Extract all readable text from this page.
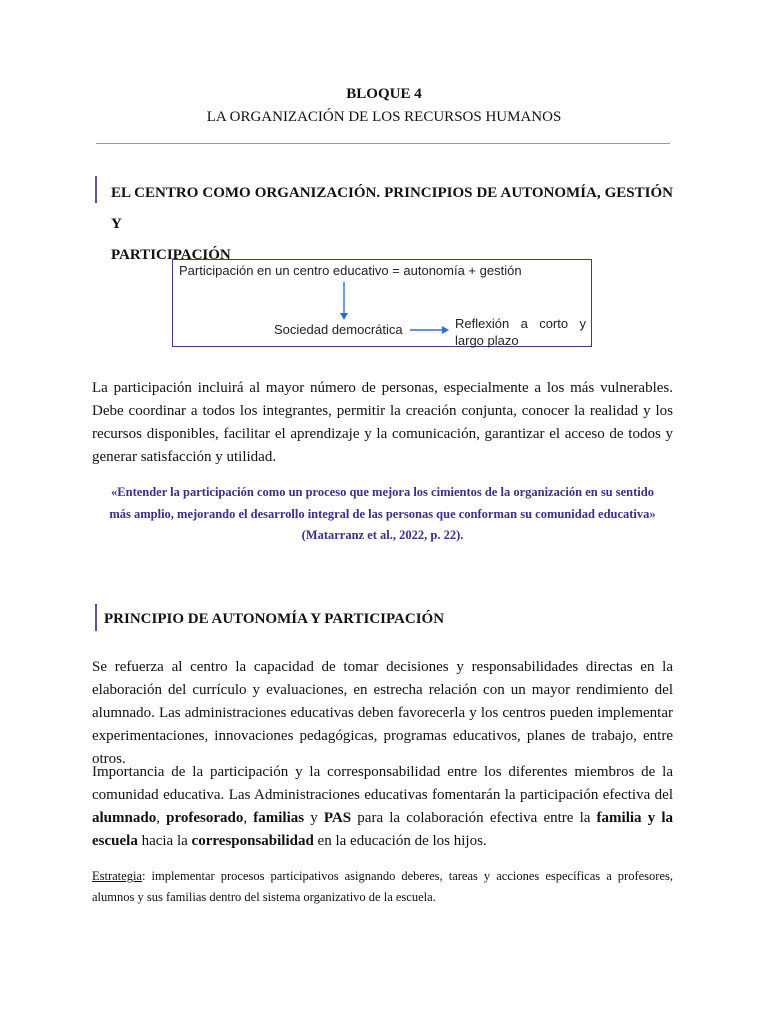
BLOQUE 4
LA ORGANIZACIÓN DE LOS RECURSOS HUMANOS
EL CENTRO COMO ORGANIZACIÓN. PRINCIPIOS DE AUTONOMÍA, GESTIÓN Y
PARTICIPACIÓN
Participación en un centro educativo = autonomía + gestión
Sociedad democrática	Reflexión a corto y largo plazo
La participación incluirá al mayor número de personas, especialmente a los más vulnerables. Debe coordinar a todos los integrantes, permitir la creación conjunta, conocer la realidad y los recursos disponibles, facilitar el aprendizaje y la comunicación, garantizar el acceso de todos y generar satisfacción y utilidad.
«Entender la participación como un proceso que mejora los cimientos de la organización en su sentido
más amplio, mejorando el desarrollo integral de las personas que conforman su comunidad educativa»
(Matarranz et al., 2022, p. 22).
PRINCIPIO DE AUTONOMÍA Y PARTICIPACIÓN
Se refuerza al centro la capacidad de tomar decisiones y responsabilidades directas en la elaboración del currículo y evaluaciones, en estrecha relación con un mayor rendimiento del alumnado. Las administraciones educativas deben favorecerla y los centros pueden implementar experimentaciones, innovaciones pedagógicas, programas educativos, planes de trabajo, entre otros.
Importancia de la participación y la corresponsabilidad entre los diferentes miembros de la comunidad educativa. Las Administraciones educativas fomentarán la participación efectiva del alumnado, profesorado, familias y PAS para la colaboración efectiva entre la familia y la escuela hacia la corresponsabilidad en la educación de los hijos.
Estrategia: implementar procesos participativos asignando deberes, tareas y acciones específicas a profesores, alumnos y sus familias dentro del sistema organizativo de la escuela.
